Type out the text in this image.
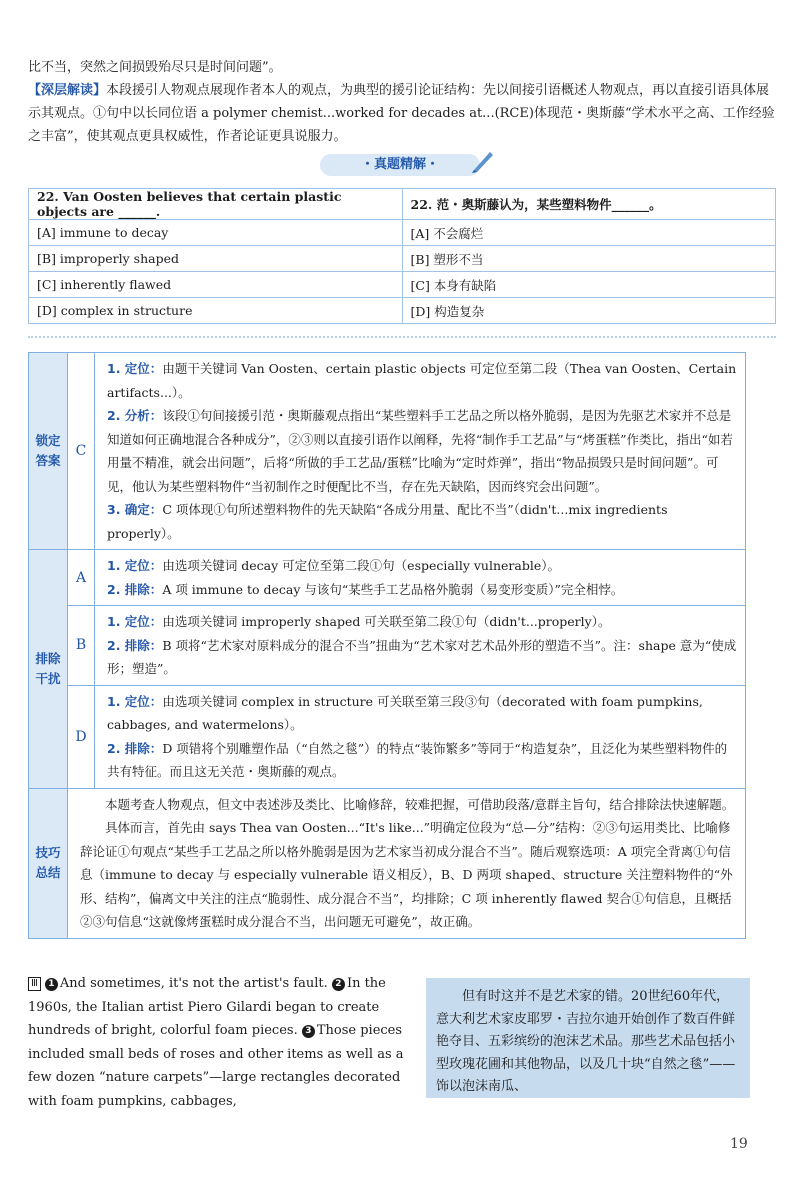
比不当，突然之间损毁殆尽只是时间问题”。

【深层解读】本段援引人物观点展现作者本人的观点，为典型的援引论证结构：先以间接引语概述人物观点，再以直接引语具体展示其观点。①句中以长同位语 a polymer chemist...worked for decades at...(RCE)体现范・奥斯藤“学术水平之高、工作经验之丰富”，使其观点更具权威性，作者论证更具说服力。

・真题精解・
22. Van Oosten believes that certain plastic objects are ______.	22. 范・奥斯藤认为，某些塑料物件______。
[A] immune to decay	[A] 不会腐烂
[B] improperly shaped	[B] 塑形不当
[C] inherently flawed	[C] 本身有缺陷
[D] complex in structure	[D] 构造复杂
锁定答案	C	1. 定位：由题干关键词 Van Oosten、certain plastic objects 可定位至第二段（Thea van Oosten、Certain artifacts...）。

2. 分析：该段①句间接援引范・奥斯藤观点指出“某些塑料手工艺品之所以格外脆弱，是因为先驱艺术家并不总是知道如何正确地混合各种成分”，②③则以直接引语作以阐释，先将“制作手工艺品”与“烤蛋糕”作类比，指出“如若用量不精准，就会出问题”，后将“所做的手工艺品/蛋糕”比喻为“定时炸弹”，指出“物品损毁只是时间问题”。可见，他认为某些塑料物件“当初制作之时便配比不当，存在先天缺陷，因而终究会出问题”。

3. 确定：C 项体现①句所述塑料物件的先天缺陷“各成分用量、配比不当”（didn't...mix ingredients properly）。

排除干扰	A	1. 定位：由选项关键词 decay 可定位至第二段①句（especially vulnerable）。

2. 排除：A 项 immune to decay 与该句“某些手工艺品格外脆弱（易变形变质）”完全相悖。

	B	1. 定位：由选项关键词 improperly shaped 可关联至第二段①句（didn't...properly）。

2. 排除：B 项将“艺术家对原料成分的混合不当”扭曲为“艺术家对艺术品外形的塑造不当”。注：shape 意为“使成形；塑造”。

	D	1. 定位：由选项关键词 complex in structure 可关联至第三段③句（decorated with foam pumpkins, cabbages, and watermelons）。

2. 排除：D 项错将个别雕塑作品（“自然之毯”）的特点“装饰繁多”等同于“构造复杂”，且泛化为某些塑料物件的共有特征。而且这无关范・奥斯藤的观点。

技巧总结	本题考查人物观点，但文中表述涉及类比、比喻修辞，较难把握，可借助段落/意群主旨句，结合排除法快速解题。

具体而言，首先由 says Thea van Oosten...“It's like...”明确定位段为“总—分”结构：②③句运用类比、比喻修辞论证①句观点“某些手工艺品之所以格外脆弱是因为艺术家当初成分混合不当”。随后观察选项：A 项完全背离①句信息（immune to decay 与 especially vulnerable 语义相反），B、D 两项 shaped、structure 关注塑料物件的“外形、结构”，偏离文中关注的注点“脆弱性、成分混合不当”，均排除；C 项 inherently flawed 契合①句信息，且概括②③句信息“这就像烤蛋糕时成分混合不当，出问题无可避免”，故正确。	

Ⅲ 1 And sometimes, it's not the artist's fault. 2 In the 1960s, the Italian artist Piero Gilardi began to create hundreds of bright, colorful foam pieces. 3 Those pieces included small beds of roses and other items as well as a few dozen “nature carpets”—large rectangles decorated with foam pumpkins, cabbages,
但有时这并不是艺术家的错。20世纪60年代，意大利艺术家皮耶罗・吉拉尔迪开始创作了数百件鲜艳夺目、五彩缤纷的泡沫艺术品。那些艺术品包括小型玫瑰花圃和其他物品，以及几十块“自然之毯”——饰以泡沫南瓜、
19
